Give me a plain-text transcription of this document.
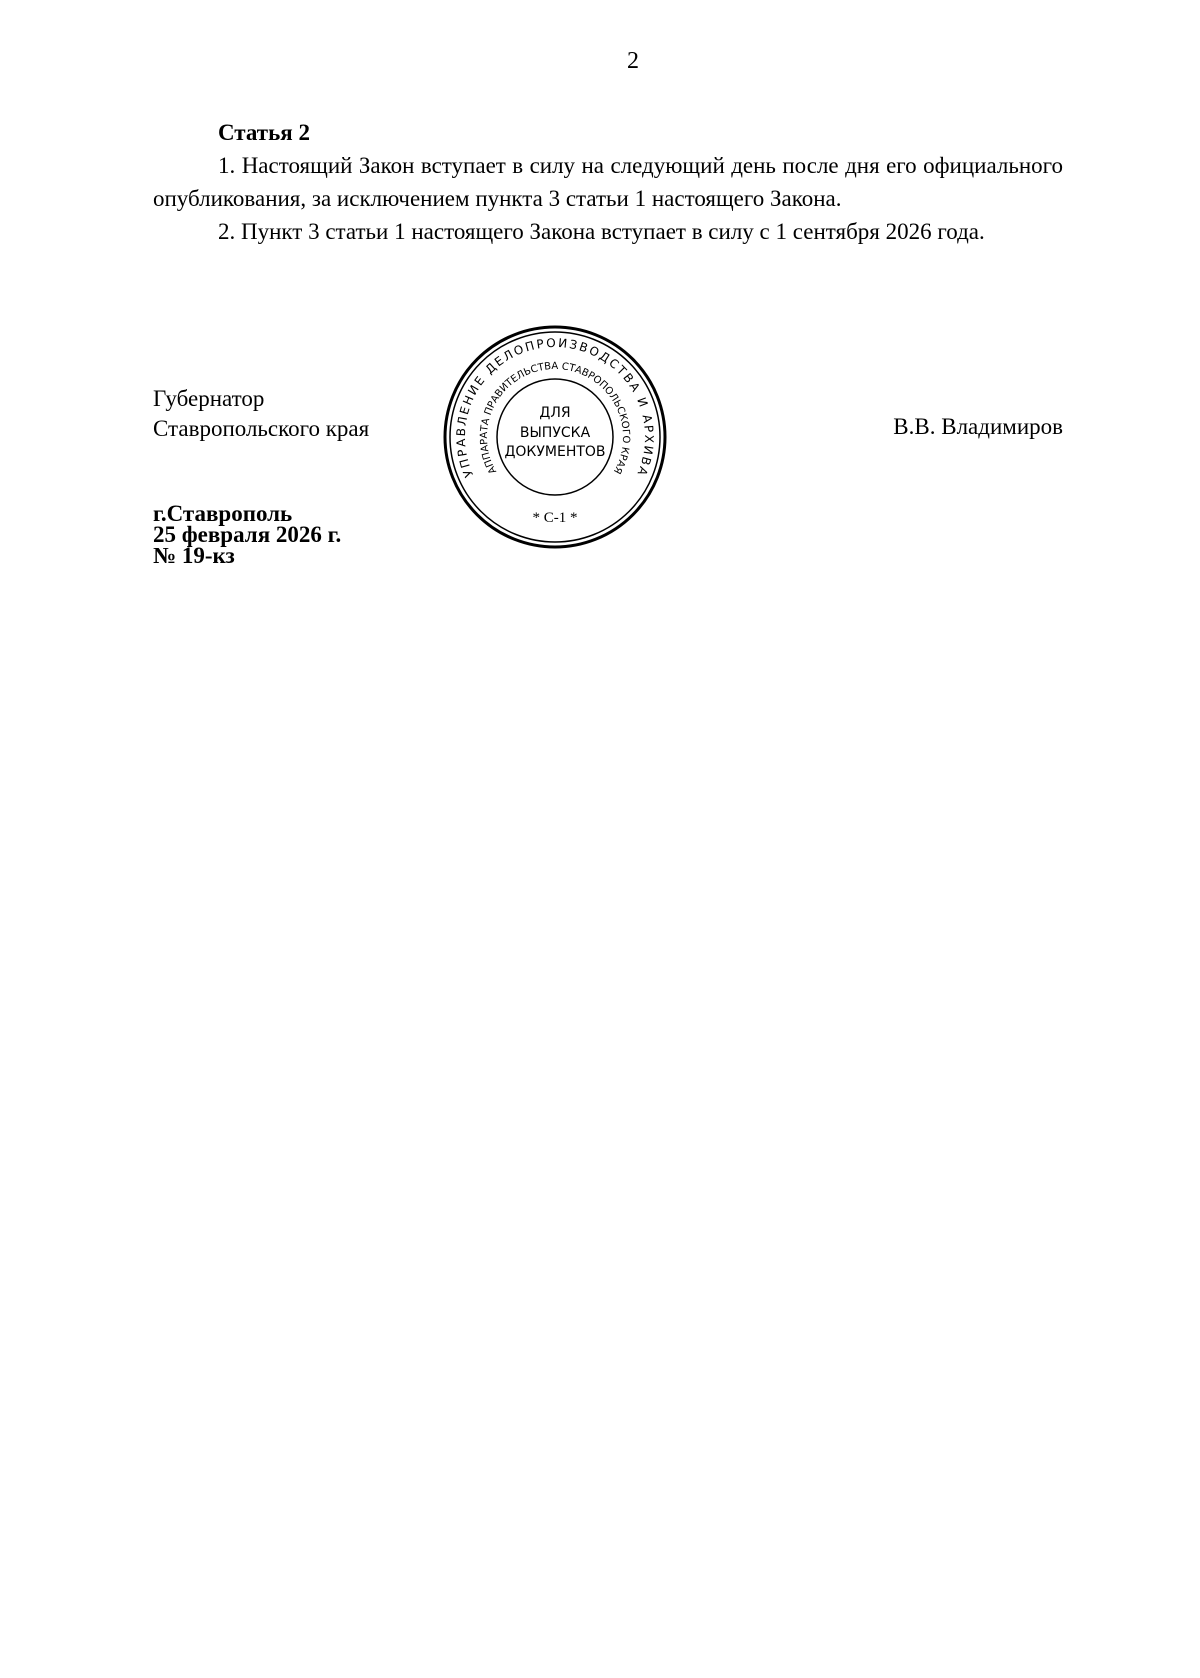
2
Статья 2

1. Настоящий Закон вступает в силу на следующий день после дня его официального опубликования, за исключением пункта 3 статьи 1 настоящего Закона.

2. Пункт 3 статьи 1 настоящего Закона вступает в силу с 1 сентября 2026 года.

Губернатор
Ставропольского края	В.В. Владимиров
г.Ставрополь
25 февраля 2026 г.
№ 19-кз
УПРАВЛЕНИЕ ДЕЛОПРОИЗВОДСТВА И АРХИВА
АППАРАТА ПРАВИТЕЛЬСТВА СТАВРОПОЛЬСКОГО КРАЯ
ДЛЯ
ВЫПУСКА
ДОКУМЕНТОВ
* С-1 *
